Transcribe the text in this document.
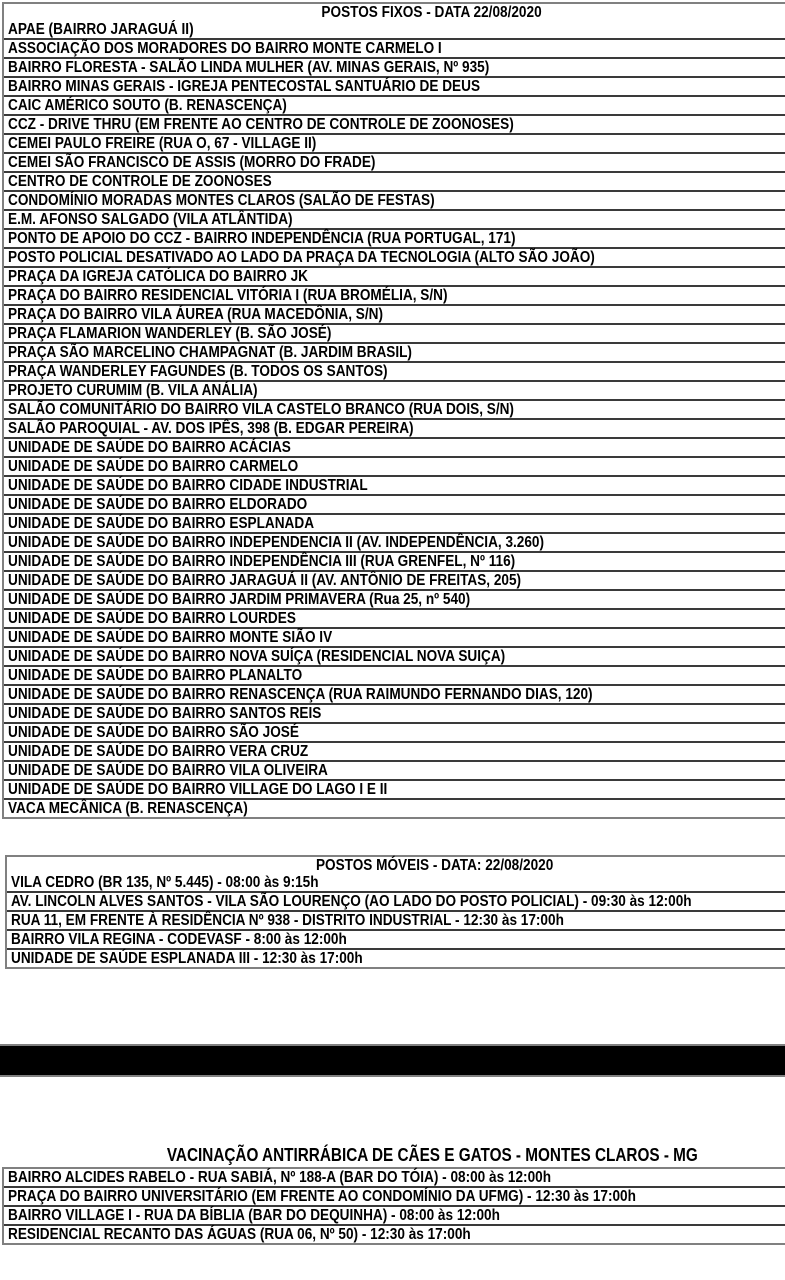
POSTOS FIXOS - DATA 22/08/2020
APAE (BAIRRO JARAGUÁ II)
ASSOCIAÇÃO DOS MORADORES DO BAIRRO MONTE CARMELO I
BAIRRO FLORESTA - SALÃO LINDA MULHER (AV. MINAS GERAIS, Nº 935)
BAIRRO MINAS GERAIS - IGREJA PENTECOSTAL SANTUÁRIO DE DEUS
CAIC AMÉRICO SOUTO (B. RENASCENÇA)
CCZ - DRIVE THRU (EM FRENTE AO CENTRO DE CONTROLE DE ZOONOSES)
CEMEI PAULO FREIRE (RUA O, 67 - VILLAGE II)
CEMEI SÃO FRANCISCO DE ASSIS (MORRO DO FRADE)
CENTRO DE CONTROLE DE ZOONOSES
CONDOMÍNIO MORADAS MONTES CLAROS (SALÃO DE FESTAS)
E.M. AFONSO SALGADO (VILA ATLÂNTIDA)
PONTO DE APOIO DO CCZ - BAIRRO INDEPENDÊNCIA (RUA PORTUGAL, 171)
POSTO POLICIAL DESATIVADO AO LADO DA PRAÇA DA TECNOLOGIA (ALTO SÃO JOÃO)
PRAÇA DA IGREJA CATÓLICA DO BAIRRO JK
PRAÇA DO BAIRRO RESIDENCIAL VITÓRIA I (RUA BROMÉLIA, S/N)
PRAÇA DO BAIRRO VILA ÁUREA (RUA MACEDÔNIA, S/N)
PRAÇA FLAMARION WANDERLEY (B. SÃO JOSÉ)
PRAÇA SÃO MARCELINO CHAMPAGNAT (B. JARDIM BRASIL)
PRAÇA WANDERLEY FAGUNDES (B. TODOS OS SANTOS)
PROJETO CURUMIM (B. VILA ANÁLIA)
SALÃO COMUNITÁRIO DO BAIRRO VILA CASTELO BRANCO (RUA DOIS, S/N)
SALÃO PAROQUIAL - AV. DOS IPÊS, 398 (B. EDGAR PEREIRA)
UNIDADE DE SAÚDE DO BAIRRO ACÁCIAS
UNIDADE DE SAÚDE DO BAIRRO CARMELO
UNIDADE DE SAÚDE DO BAIRRO CIDADE INDUSTRIAL
UNIDADE DE SAÚDE DO BAIRRO ELDORADO
UNIDADE DE SAÚDE DO BAIRRO ESPLANADA
UNIDADE DE SAÚDE DO BAIRRO INDEPENDENCIA II (AV. INDEPENDÊNCIA, 3.260)
UNIDADE DE SAÚDE DO BAIRRO INDEPENDÊNCIA III (RUA GRENFEL, Nº 116)
UNIDADE DE SAÚDE DO BAIRRO JARAGUÁ II (AV. ANTÔNIO DE FREITAS, 205)
UNIDADE DE SAÚDE DO BAIRRO JARDIM PRIMAVERA (Rua 25, nº 540)
UNIDADE DE SAÚDE DO BAIRRO LOURDES
UNIDADE DE SAÚDE DO BAIRRO MONTE SIÃO IV
UNIDADE DE SAÚDE DO BAIRRO NOVA SUÍÇA (RESIDENCIAL NOVA SUIÇA)
UNIDADE DE SAÚDE DO BAIRRO PLANALTO
UNIDADE DE SAÚDE DO BAIRRO RENASCENÇA (RUA RAIMUNDO FERNANDO DIAS, 120)
UNIDADE DE SAÚDE DO BAIRRO SANTOS REIS
UNIDADE DE SAÚDE DO BAIRRO SÃO JOSÉ
UNIDADE DE SAÚDE DO BAIRRO VERA CRUZ
UNIDADE DE SAÚDE DO BAIRRO VILA OLIVEIRA
UNIDADE DE SAÚDE DO BAIRRO VILLAGE DO LAGO I E II
VACA MECÂNICA (B. RENASCENÇA)
POSTOS MÓVEIS - DATA: 22/08/2020
VILA CEDRO (BR 135, Nº 5.445) - 08:00 às 9:15h
AV. LINCOLN ALVES SANTOS - VILA SÃO LOURENÇO (AO LADO DO POSTO POLICIAL) - 09:30 às 12:00h
RUA 11, EM FRENTE À RESIDÊNCIA Nº 938 - DISTRITO INDUSTRIAL - 12:30 às 17:00h
BAIRRO VILA REGINA - CODEVASF - 8:00 às 12:00h
UNIDADE DE SAÚDE ESPLANADA III - 12:30 às 17:00h
VACINAÇÃO ANTIRRÁBICA DE CÃES E GATOS - MONTES CLAROS - MG
BAIRRO ALCIDES RABELO - RUA SABIÁ, Nº 188-A (BAR DO TÓIA) - 08:00 às 12:00h
PRAÇA DO BAIRRO UNIVERSITÁRIO (EM FRENTE AO CONDOMÍNIO DA UFMG) - 12:30 às 17:00h
BAIRRO VILLAGE I - RUA DA BÍBLIA (BAR DO DEQUINHA) - 08:00 às 12:00h
RESIDENCIAL RECANTO DAS ÁGUAS (RUA 06, Nº 50) - 12:30 às 17:00h
